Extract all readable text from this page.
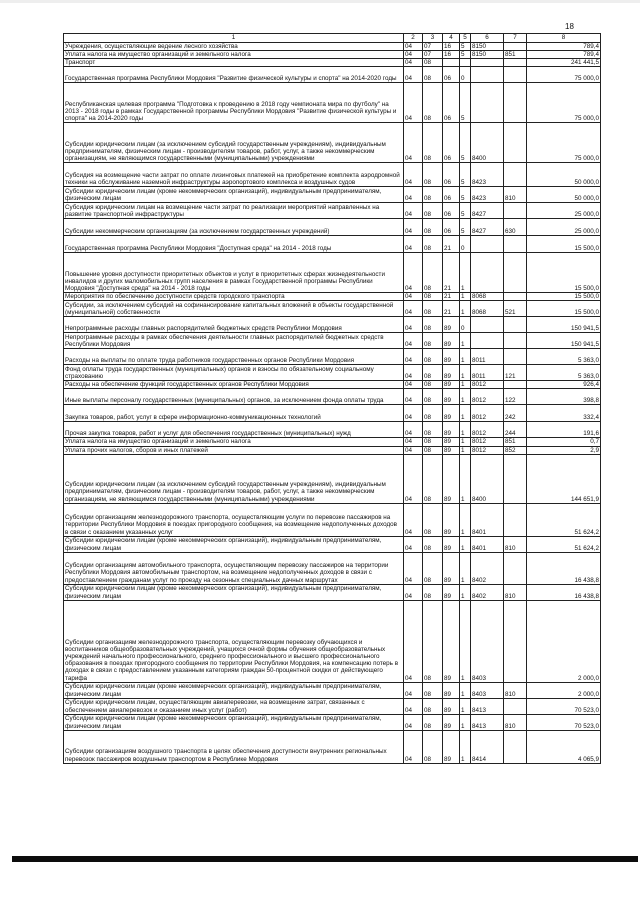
18
1	2	3	4	5	6	7	8
Учреждения, осуществляющие ведение лесного хозяйства	04	07	16	5	8150		789,4
Уплата налога на имущество организаций и земельного налога	04	07	16	5	8150	851	789,4
Транспорт	04	08					241 441,5
Государственная программа Республики Мордовия "Развитие физической культуры и спорта" на 2014-2020 годы	04	08	06	0			75 000,0
Республиканская целевая программа "Подготовка к проведению в 2018 году чемпионата мира по футболу" на 2013 - 2018 годы в рамках Государственной программы Республики Мордовия "Развитие физической культуры и спорта" на 2014-2020 годы	04	08	06	5			75 000,0
Субсидии юридическим лицам (за исключением субсидий государственным учреждениям), индивидуальным предпринимателям, физическим лицам - производителям товаров, работ, услуг, а также некоммерческим организациям, не являющимся государственными (муниципальными) учреждениями	04	08	06	5	8400		75 000,0
Субсидия на возмещение части затрат по оплате лизинговых платежей на приобретение комплекта аэродромной техники на обслуживание наземной инфраструктуры аэропортового комплекса и воздушных судов	04	08	06	5	8423		50 000,0
Субсидии юридическим лицам (кроме некоммерческих организаций), индивидуальным предпринимателям, физическим лицам	04	08	06	5	8423	810	50 000,0
Субсидия юридическим лицам на возмещение части затрат по реализации мероприятий направленных на развитие транспортной инфраструктуры	04	08	06	5	8427		25 000,0
Субсидии некоммерческим организациям (за исключением государственных учреждений)	04	08	06	5	8427	630	25 000,0
Государственная программа Республики Мордовия "Доступная среда" на 2014 - 2018 годы	04	08	21	0			15 500,0
Повышение уровня доступности приоритетных объектов и услуг в приоритетных сферах жизнедеятельности инвалидов и других маломобильных групп населения в рамках Государственной программы Республики Мордовия "Доступная среда" на 2014 - 2018 годы	04	08	21	1			15 500,0
Мероприятия по обеспечению доступности средств городского транспорта	04	08	21	1	8068		15 500,0
Субсидии, за исключением субсидий на софинансирование капитальных вложений в объекты государственной (муниципальной) собственности	04	08	21	1	8068	521	15 500,0
Непрограммные расходы главных распорядителей бюджетных средств Республики Мордовия	04	08	89	0			150 941,5
Непрограммные расходы в рамках обеспечения деятельности главных распорядителей бюджетных средств Республики Мордовия	04	08	89	1			150 941,5
Расходы на выплаты по оплате труда работников государственных органов Республики Мордовия	04	08	89	1	8011		5 363,0
Фонд оплаты труда государственных (муниципальных) органов и взносы по обязательному социальному страхованию	04	08	89	1	8011	121	5 363,0
Расходы на обеспечение функций государственных органов Республики Мордовия	04	08	89	1	8012		926,4
Иные выплаты персоналу государственных (муниципальных) органов, за исключением фонда оплаты труда	04	08	89	1	8012	122	398,8
Закупка товаров, работ, услуг в сфере информационно-коммуникационных технологий	04	08	89	1	8012	242	332,4
Прочая закупка товаров, работ и услуг для обеспечения государственных (муниципальных) нужд	04	08	89	1	8012	244	191,6
Уплата налога на имущество организаций и земельного налога	04	08	89	1	8012	851	0,7
Уплата прочих налогов, сборов и иных платежей	04	08	89	1	8012	852	2,9
Субсидии юридическим лицам (за исключением субсидий государственным учреждениям), индивидуальным предпринимателям, физическим лицам - производителям товаров, работ, услуг, а также некоммерческим организациям, не являющимся государственными (муниципальными) учреждениями	04	08	89	1	8400		144 651,9
Субсидии организациям железнодорожного транспорта, осуществляющим услуги по перевозке пассажиров на территории Республики Мордовия в поездах пригородного сообщения, на возмещение недополученных доходов в связи с оказанием указанных услуг	04	08	89	1	8401		51 624,2
Субсидии юридическим лицам (кроме некоммерческих организаций), индивидуальным предпринимателям, физическим лицам	04	08	89	1	8401	810	51 624,2
Субсидии организациям автомобильного транспорта, осуществляющим перевозку пассажиров на территории Республики Мордовия автомобильным транспортом, на возмещение недополученных доходов в связи с предоставлением гражданам услуг по проезду на сезонных специальных дачных маршрутах	04	08	89	1	8402		16 438,8
Субсидии юридическим лицам (кроме некоммерческих организаций), индивидуальным предпринимателям, физическим лицам	04	08	89	1	8402	810	16 438,8
Субсидии организациям железнодорожного транспорта, осуществляющим перевозку обучающихся и воспитанников общеобразовательных учреждений, учащихся очной формы обучения общеобразовательных учреждений начального профессионального, среднего профессионального и высшего профессионального образования в поездах пригородного сообщения по территории Республики Мордовия, на компенсацию потерь в доходах в связи с предоставлением указанным категориям граждан 50-процентной скидки от действующего тарифа	04	08	89	1	8403		2 000,0
Субсидии юридическим лицам (кроме некоммерческих организаций), индивидуальным предпринимателям, физическим лицам	04	08	89	1	8403	810	2 000,0
Субсидии юридическим лицам, осуществляющим авиаперевозки, на возмещение затрат, связанных с обеспечением авиаперевозок и оказанием иных услуг (работ)	04	08	89	1	8413		70 523,0
Субсидии юридическим лицам (кроме некоммерческих организаций), индивидуальным предпринимателям, физическим лицам	04	08	89	1	8413	810	70 523,0
Субсидии организациям воздушного транспорта в целях обеспечения доступности внутренних региональных перевозок пассажиров воздушным транспортом в Республике Мордовия	04	08	89	1	8414		4 065,9
